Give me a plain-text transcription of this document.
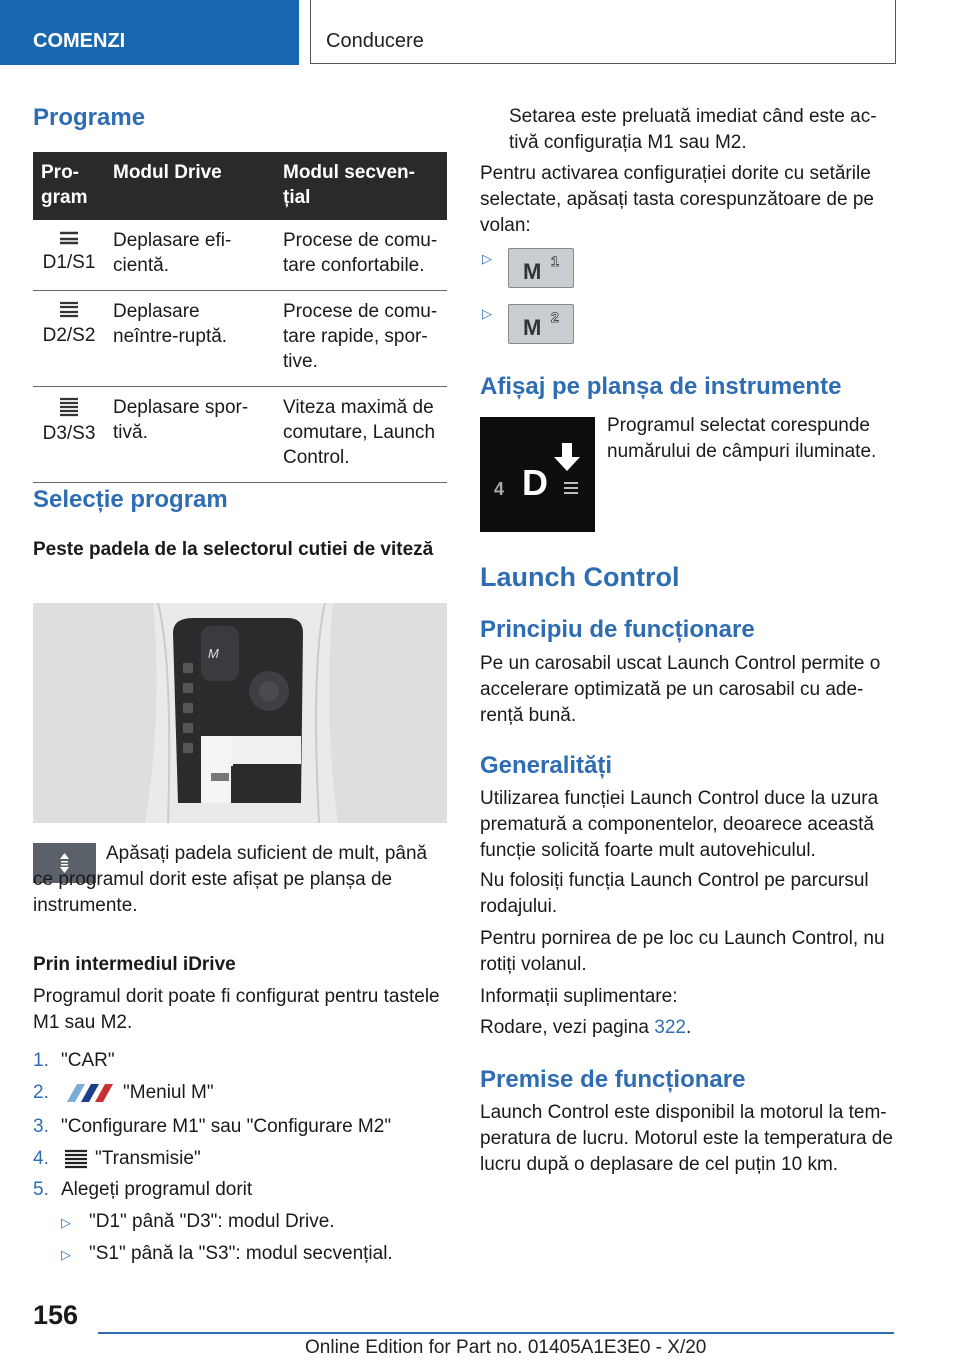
COMENZI	Conducere
Programe
Pro-gram	Modul Drive	Modul secven-țial

D1/S1	Deplasare efi-cientă.	Procese de comu-tare confortabile.

D2/S2	Deplasare neîntre-ruptă.	Procese de comu-tare rapide, spor-tive.

D3/S3	Deplasare spor-tivă.	Viteza maximă de comutare, Launch Control.
Selecție program

Peste padela de la selectorul cutiei de viteză

M

Apăsați padela suficient de mult, până ce programul dorit este afișat pe planșa de instrumente.

Prin intermediul iDrive

Programul dorit poate fi configurat pentru tastele M1 sau M2.

1. "CAR"
2.	"Meniul M"
3. "Configurare M1" sau "Configurare M2"
4. "Transmisie"
5. Alegeți programul dorit
▷ "D1" până "D3": modul Drive.
▷ "S1" până la "S3": modul secvențial.

Setarea este preluată imediat când este ac-tivă configurația M1 sau M2.

Pentru activarea configurației dorite cu setările selectate, apăsați tasta corespunzătoare de pe volan:

▷
M 1
▷
M 2
Afișaj pe planșa de instrumente
4 D

Programul selectat corespunde numărului de câmpuri iluminate.

Launch Control
Principiu de funcționare

Pe un carosabil uscat Launch Control permite o accelerare optimizată pe un carosabil cu ade-rență bună.

Generalități

Utilizarea funcției Launch Control duce la uzura prematură a componentelor, deoarece această funcție solicită foarte mult autovehiculul.

Nu folosiți funcția Launch Control pe parcursul rodajului.

Pentru pornirea de pe loc cu Launch Control, nu rotiți volanul.

Informații suplimentare:

Rodare, vezi pagina 322.

Premise de funcționare

Launch Control este disponibil la motorul la tem-peratura de lucru. Motorul este la temperatura de lucru după o deplasare de cel puțin 10 km.

156
Online Edition for Part no. 01405A1E3E0 - X/20
